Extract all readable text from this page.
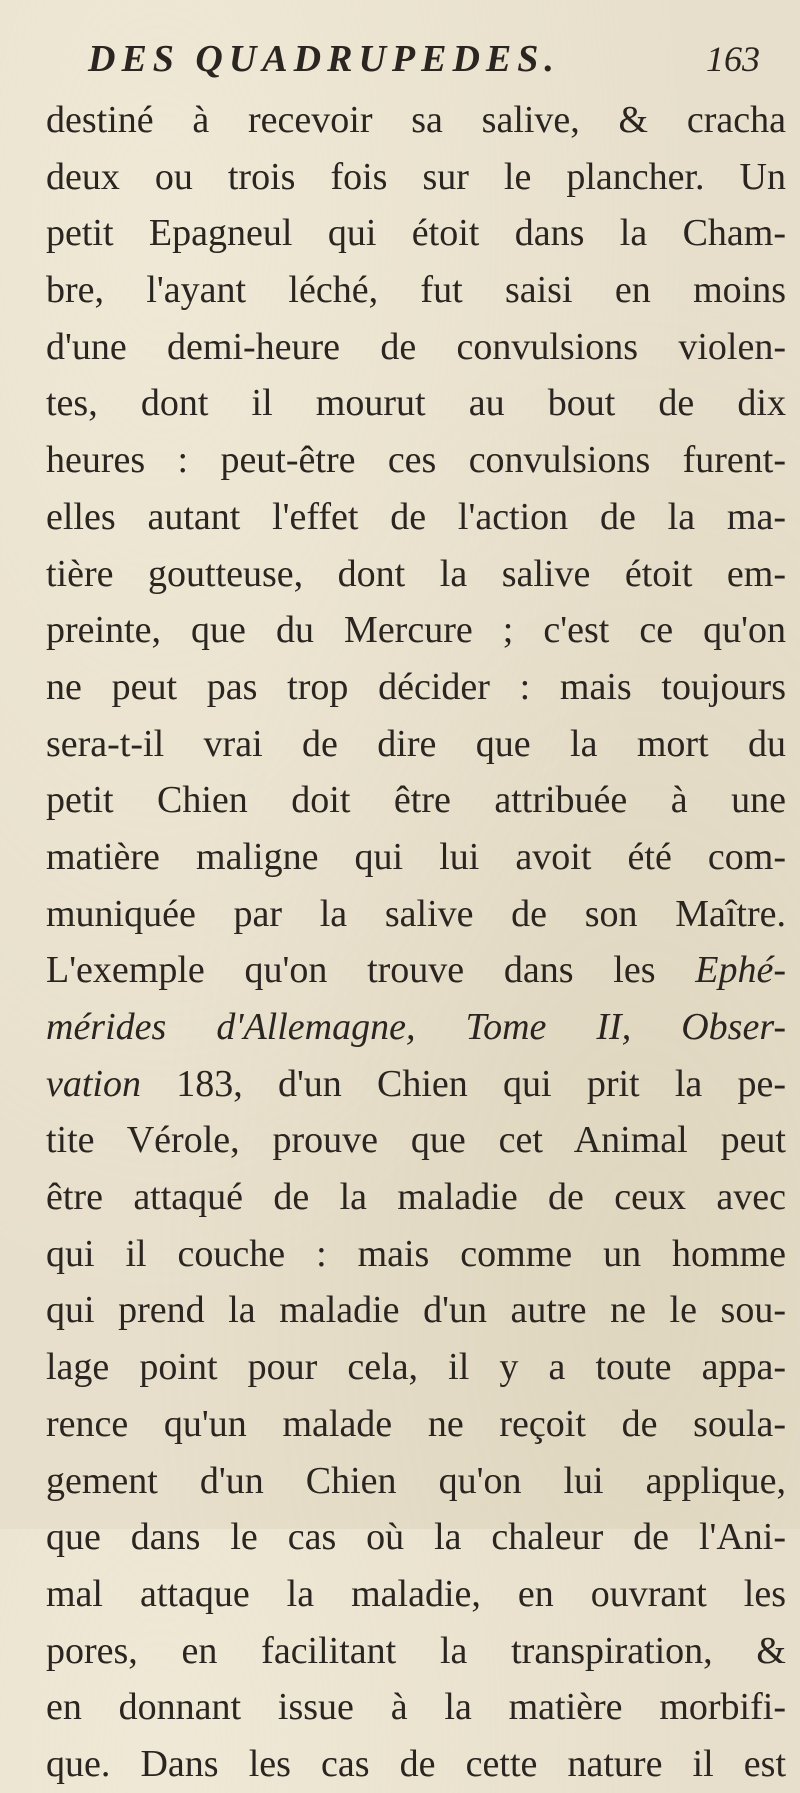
DES QUADRUPEDES.	163
destiné à recevoir sa salive, & cracha
deux ou trois fois sur le plancher. Un
petit Epagneul qui étoit dans la Cham-
bre, l'ayant léché, fut saisi en moins
d'une demi-heure de convulsions violen-
tes, dont il mourut au bout de dix
heures : peut-être ces convulsions furent-
elles autant l'effet de l'action de la ma-
tière goutteuse, dont la salive étoit em-
preinte, que du Mercure ; c'est ce qu'on
ne peut pas trop décider : mais toujours
sera-t-il vrai de dire que la mort du
petit Chien doit être attribuée à une
matière maligne qui lui avoit été com-
muniquée par la salive de son Maître.
L'exemple qu'on trouve dans les Ephé-
mérides d'Allemagne, Tome II, Obser-
vation 183, d'un Chien qui prit la pe-
tite Vérole, prouve que cet Animal peut
être attaqué de la maladie de ceux avec
qui il couche : mais comme un homme
qui prend la maladie d'un autre ne le sou-
lage point pour cela, il y a toute appa-
rence qu'un malade ne reçoit de soula-
gement d'un Chien qu'on lui applique,
que dans le cas où la chaleur de l'Ani-
mal attaque la maladie, en ouvrant les
pores, en facilitant la transpiration, &
en donnant issue à la matière morbifi-
que. Dans les cas de cette nature il est
